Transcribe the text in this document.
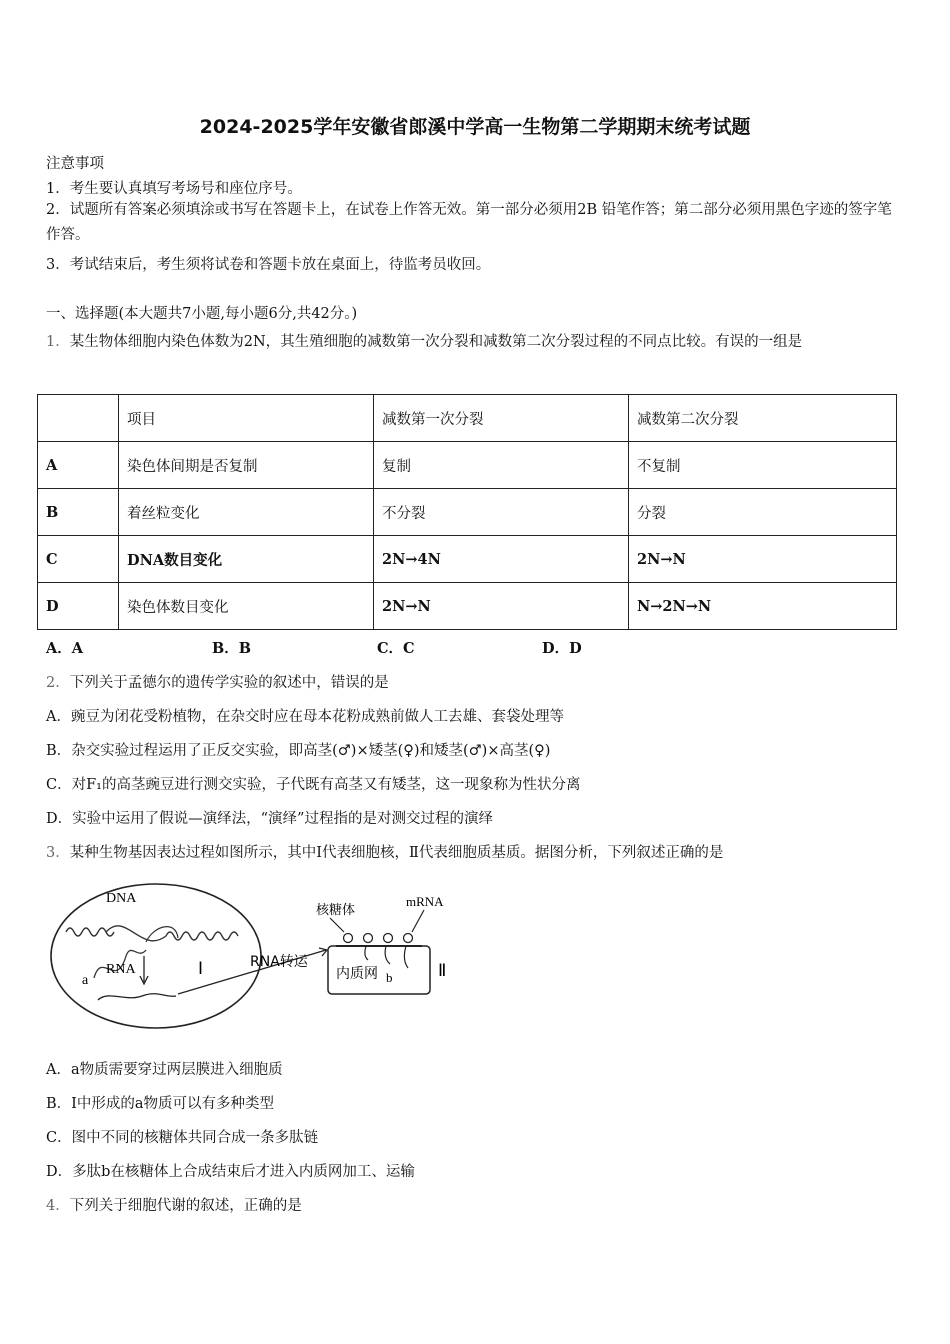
2024-2025学年安徽省郎溪中学高一生物第二学期期末统考试题
注意事项
1．考生要认真填写考场号和座位序号。
2．试题所有答案必须填涂或书写在答题卡上，在试卷上作答无效。第一部分必须用2B 铅笔作答；第二部分必须用黑色字迹的签字笔作答。
3．考试结束后，考生须将试卷和答题卡放在桌面上，待监考员收回。
一、选择题(本大题共7小题,每小题6分,共42分。)
1．某生物体细胞内染色体数为2N，其生殖细胞的减数第一次分裂和减数第二次分裂过程的不同点比较。有误的一组是
	项目	减数第一次分裂	减数第二次分裂
A	染色体间期是否复制	复制	不复制
B	着丝粒变化	不分裂	分裂
C	DNA数目变化	2N→4N	2N→N
D	染色体数目变化	2N→N	N→2N→N
A．A	B．B	C．C	D．D
2．下列关于孟德尔的遗传学实验的叙述中，错误的是
A．豌豆为闭花受粉植物，在杂交时应在母本花粉成熟前做人工去雄、套袋处理等
B．杂交实验过程运用了正反交实验，即高茎(♂)×矮茎(♀)和矮茎(♂)×高茎(♀)
C．对F₁的高茎豌豆进行测交实验，子代既有高茎又有矮茎，这一现象称为性状分离
D．实验中运用了假说—演绎法，“演绎”过程指的是对测交过程的演绎
3．某种生物基因表达过程如图所示，其中Ⅰ代表细胞核，Ⅱ代表细胞质基质。据图分析，下列叙述正确的是
DNA
RNA
a
Ⅰ	RNA转运
核糖体
mRNA
内质网 b	Ⅱ
A．a物质需要穿过两层膜进入细胞质
B．Ⅰ中形成的a物质可以有多种类型
C．图中不同的核糖体共同合成一条多肽链
D．多肽b在核糖体上合成结束后才进入内质网加工、运输
4．下列关于细胞代谢的叙述，正确的是
